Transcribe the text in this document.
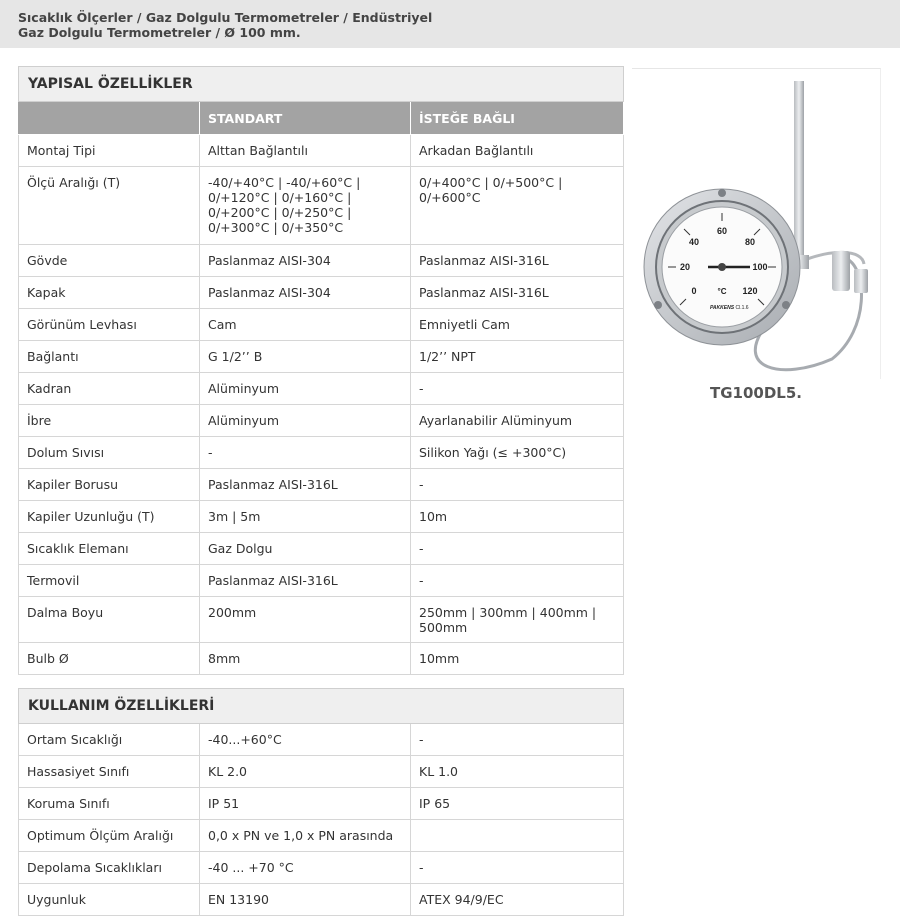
Sıcaklık Ölçerler / Gaz Dolgulu Termometreler / Endüstriyel
Gaz Dolgulu Termometreler / Ø 100 mm.
YAPISAL ÖZELLİKLER		
	STANDART	İSTEĞE BAĞLI
Montaj Tipi	Alttan Bağlantılı	Arkadan Bağlantılı
Ölçü Aralığı (T)	-40/+40°C | -40/+60°C | 0/+120°C | 0/+160°C | 0/+200°C | 0/+250°C | 0/+300°C | 0/+350°C	0/+400°C | 0/+500°C | 0/+600°C
Gövde	Paslanmaz AISI-304	Paslanmaz AISI-316L
Kapak	Paslanmaz AISI-304	Paslanmaz AISI-316L
Görünüm Levhası	Cam	Emniyetli Cam
Bağlantı	G 1/2’’ B	1/2’’ NPT
Kadran	Alüminyum	-
İbre	Alüminyum	Ayarlanabilir Alüminyum
Dolum Sıvısı	-	Silikon Yağı (≤ +300°C)
Kapiler Borusu	Paslanmaz AISI-316L	-
Kapiler Uzunluğu (T)	3m | 5m	10m
Sıcaklık Elemanı	Gaz Dolgu	-
Termovil	Paslanmaz AISI-316L	-
Dalma Boyu	200mm	250mm | 300mm | 400mm | 500mm
Bulb Ø	8mm	10mm
KULLANIM ÖZELLİKLERİ		
Ortam Sıcaklığı	-40...+60°C	-
Hassasiyet Sınıfı	KL 2.0	KL 1.0
Koruma Sınıfı	IP 51	IP 65
Optimum Ölçüm Aralığı	0,0 x PN ve 1,0 x PN arasında	
Depolama Sıcaklıkları	-40 ... +70 °C	-
Uygunluk	EN 13190	ATEX 94/9/EC
0
20
40
60
80
100
120
°C
PAKKENS Cl.1.6
TG100DL5.
